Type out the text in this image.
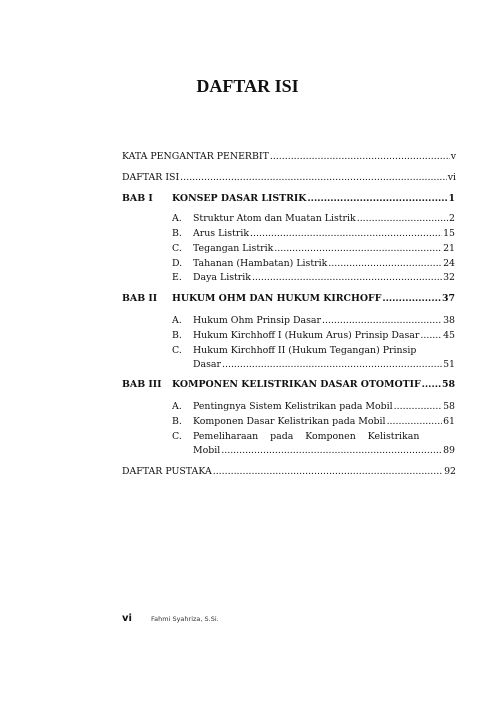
DAFTAR ISI
KATA PENGANTAR PENERBIT .....	v
DAFTAR ISI .....	vi
BAB I KONSEP DASAR LISTRIK .....	1
A. Struktur Atom dan Muatan Listrik .....	2
B. Arus Listrik .....	15
C. Tegangan Listrik .....	21
D. Tahanan (Hambatan) Listrik .....	24
E. Daya Listrik .....	32
BAB II HUKUM OHM DAN HUKUM KIRCHOFF .....	37
A. Hukum Ohm Prinsip Dasar .....	38
B. Hukum Kirchhoff I (Hukum Arus) Prinsip Dasar .....	45
C. Hukum Kirchhoff II (Hukum Tegangan) Prinsip
Dasar .....	51
BAB III KOMPONEN KELISTRIKAN DASAR OTOMOTIF ..... 58
A. Pentingnya Sistem Kelistrikan pada Mobil .....	58
B. Komponen Dasar Kelistrikan pada Mobil .....	61
C. Pemeliharaan    pada    Komponen    Kelistrikan
Mobil .....	89
DAFTAR PUSTAKA .....	92
vi	Fahmi Syahriza, S.Si.
